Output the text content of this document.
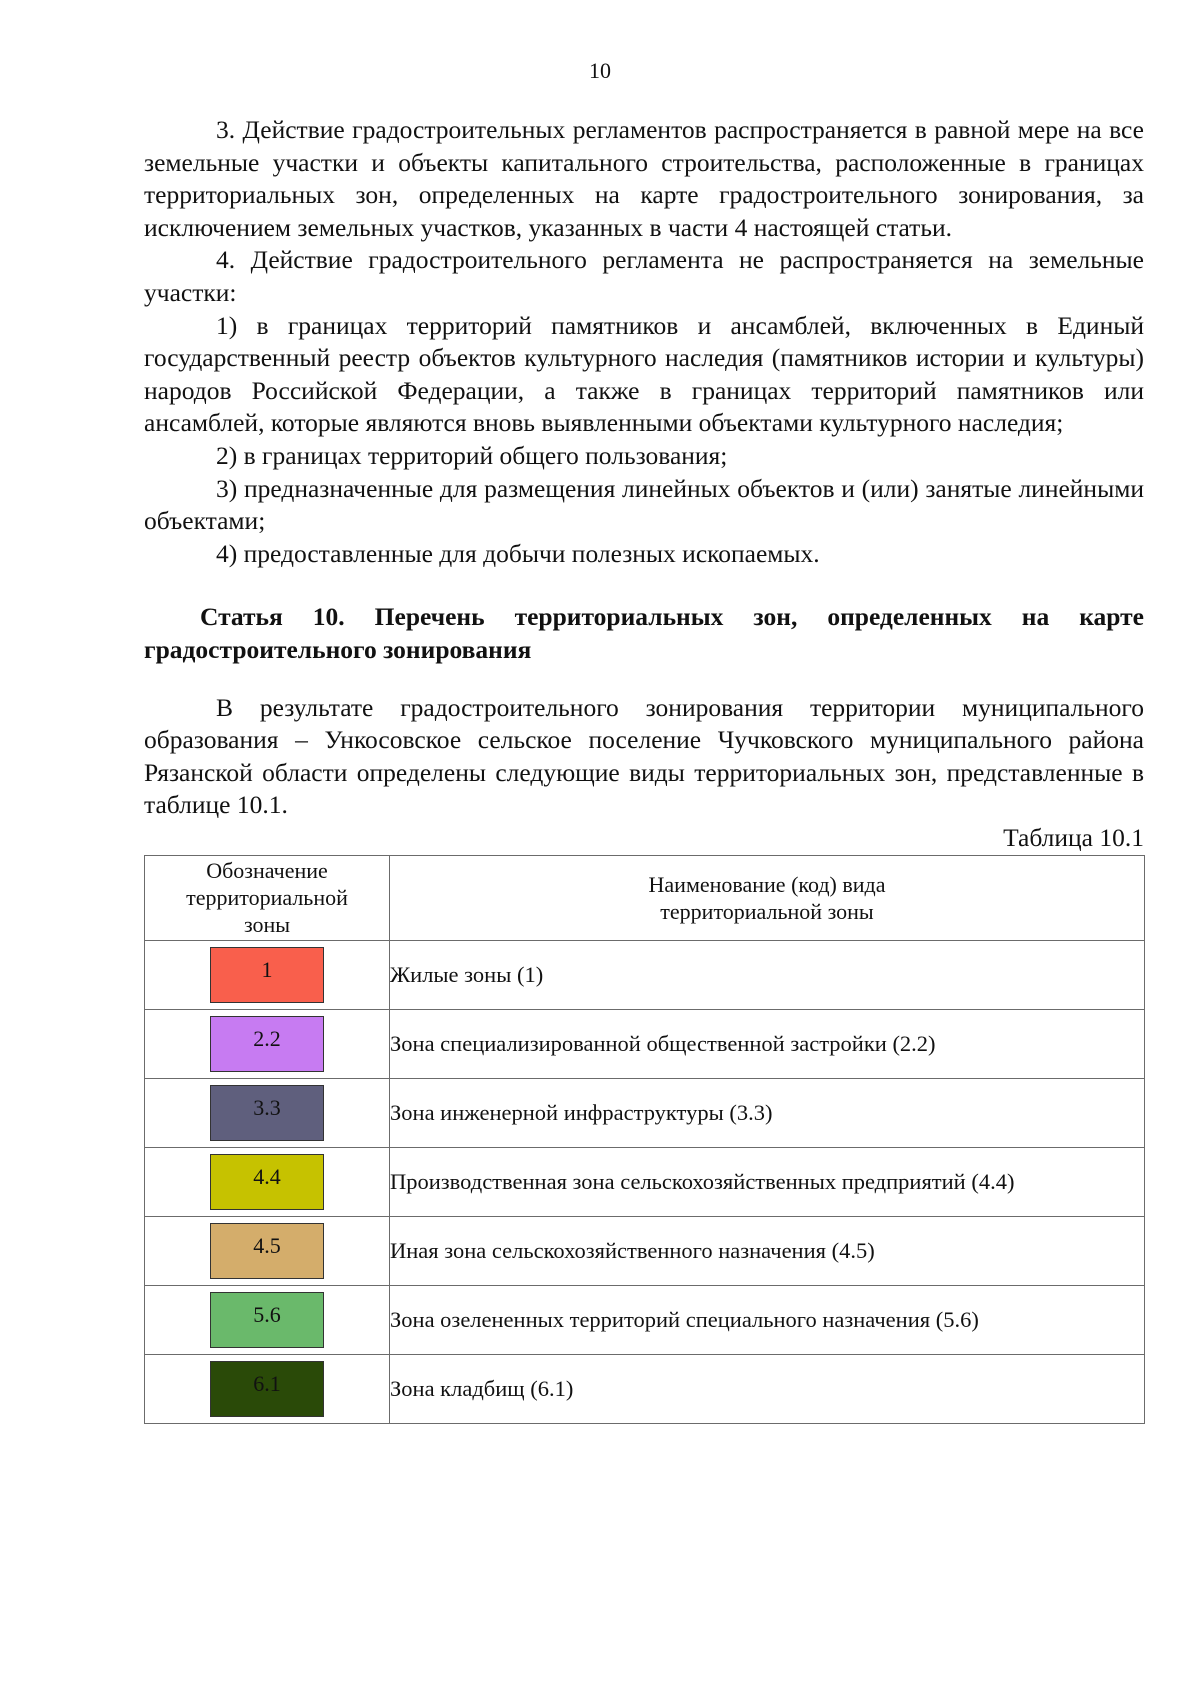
10

3. Действие градостроительных регламентов распространяется в равной мере на все земельные участки и объекты капитального строительства, расположенные в границах территориальных зон, определенных на карте градостроительного зонирования, за исключением земельных участков, указанных в части 4 настоящей статьи.

4. Действие градостроительного регламента не распространяется на земельные участки:

1) в границах территорий памятников и ансамблей, включенных в Единый государственный реестр объектов культурного наследия (памятников истории и культуры) народов Российской Федерации, а также в границах территорий памятников или ансамблей, которые являются вновь выявленными объектами культурного наследия;

2) в границах территорий общего пользования;

3) предназначенные для размещения линейных объектов и (или) занятые линейными объектами;

4) предоставленные для добычи полезных ископаемых.

Статья 10. Перечень территориальных зон, определенных на карте градостроительного зонирования

В результате градостроительного зонирования территории муниципального образования – Ункосовское сельское поселение Чучковского муниципального района Рязанской области определены следующие виды территориальных зон, представленные в таблице 10.1.

Таблица 10.1

Обозначение территориальной зоны	Наименование (код) вида территориальной зоны

1	Жилые зоны (1)
2.2	Зона специализированной общественной застройки (2.2)
3.3	Зона инженерной инфраструктуры (3.3)
4.4	Производственная зона сельскохозяйственных предприятий (4.4)
4.5	Иная зона сельскохозяйственного назначения (4.5)
5.6	Зона озелененных территорий специального назначения (5.6)
6.1	Зона кладбищ (6.1)
